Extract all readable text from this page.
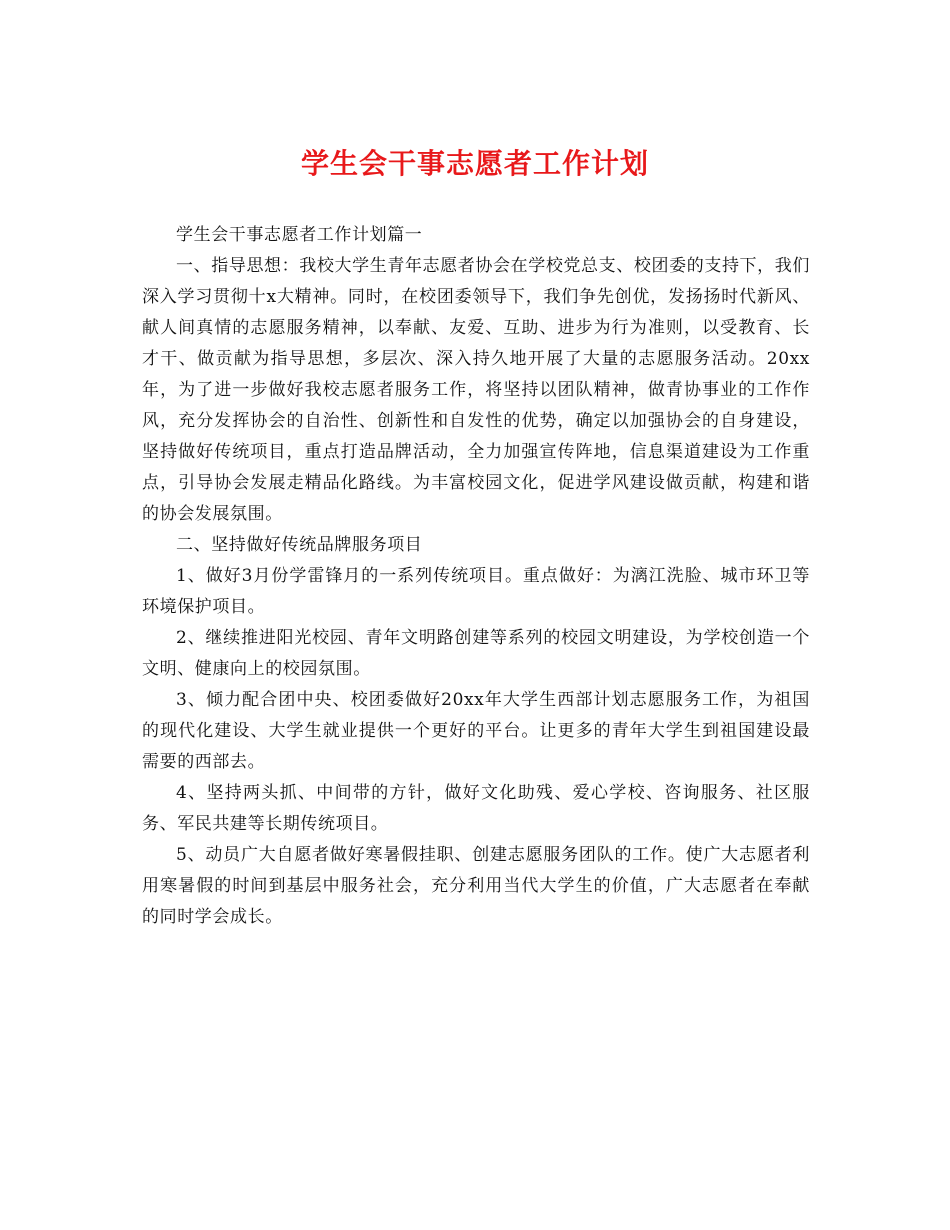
学生会干事志愿者工作计划

学生会干事志愿者工作计划篇一

一、指导思想：我校大学生青年志愿者协会在学校党总支、校团委的支持下，我们深入学习贯彻十x大精神。同时，在校团委领导下，我们争先创优，发扬扬时代新风、献人间真情的志愿服务精神，以奉献、友爱、互助、进步为行为准则，以受教育、长才干、做贡献为指导思想，多层次、深入持久地开展了大量的志愿服务活动。20xx年，为了进一步做好我校志愿者服务工作，将坚持以团队精神，做青协事业的工作作风，充分发挥协会的自治性、创新性和自发性的优势，确定以加强协会的自身建设，坚持做好传统项目，重点打造品牌活动，全力加强宣传阵地，信息渠道建设为工作重点，引导协会发展走精品化路线。为丰富校园文化，促进学风建设做贡献，构建和谐的协会发展氛围。

二、坚持做好传统品牌服务项目

1、做好3月份学雷锋月的一系列传统项目。重点做好：为漓江洗脸、城市环卫等环境保护项目。

2、继续推进阳光校园、青年文明路创建等系列的校园文明建设，为学校创造一个文明、健康向上的校园氛围。

3、倾力配合团中央、校团委做好20xx年大学生西部计划志愿服务工作，为祖国的现代化建设、大学生就业提供一个更好的平台。让更多的青年大学生到祖国建设最需要的西部去。

4、坚持两头抓、中间带的方针，做好文化助残、爱心学校、咨询服务、社区服务、军民共建等长期传统项目。

5、动员广大自愿者做好寒暑假挂职、创建志愿服务团队的工作。使广大志愿者利用寒暑假的时间到基层中服务社会，充分利用当代大学生的价值，广大志愿者在奉献的同时学会成长。
